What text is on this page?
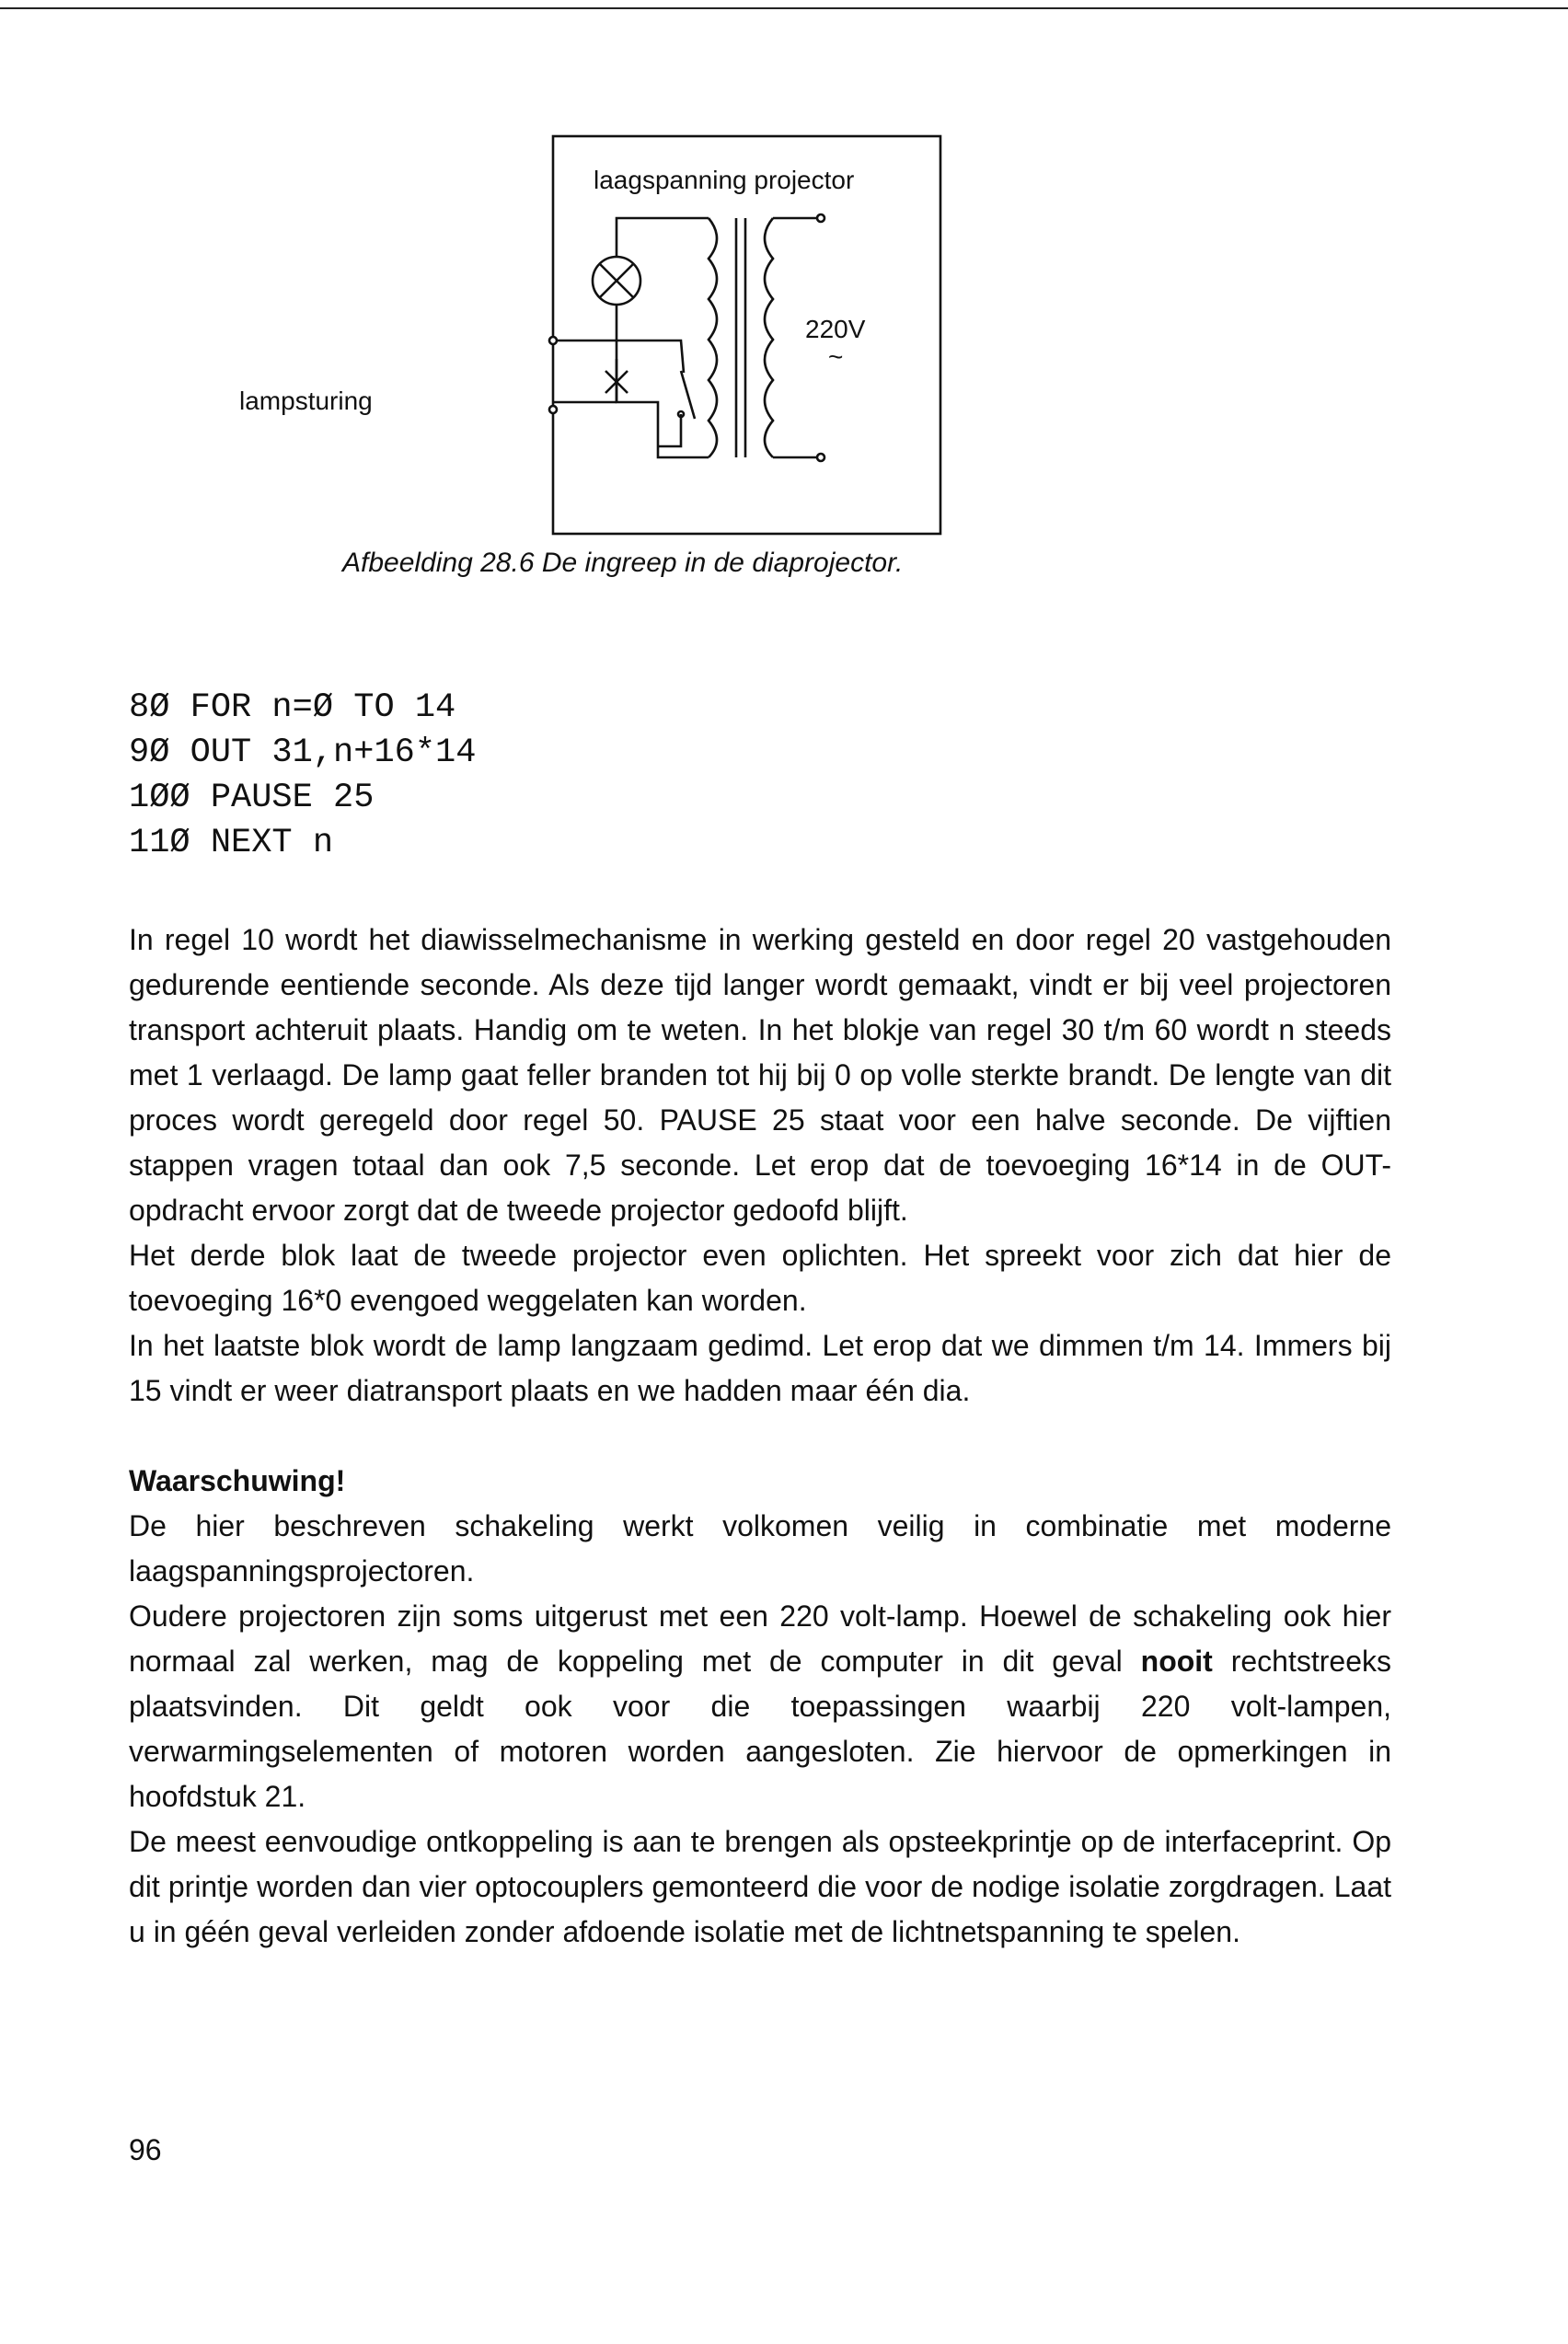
laagspanning projector
lampsturing
220V
~
Afbeelding 28.6 De ingreep in de diaprojector.
8Ø FOR n=Ø TO 14
9Ø OUT 31,n+16*14
1ØØ PAUSE 25
11Ø NEXT n

In regel 10 wordt het diawisselmechanisme in werking gesteld en door regel 20 vastgehouden gedurende eentiende seconde. Als deze tijd langer wordt gemaakt, vindt er bij veel projectoren transport achteruit plaats. Handig om te weten. In het blokje van regel 30 t/m 60 wordt n steeds met 1 verlaagd. De lamp gaat feller branden tot hij bij 0 op volle sterkte brandt. De lengte van dit proces wordt geregeld door regel 50. PAUSE 25 staat voor een halve seconde. De vijftien stappen vragen totaal dan ook 7,5 seconde. Let erop dat de toevoeging 16*14 in de OUT-opdracht ervoor zorgt dat de tweede projector gedoofd blijft.

Het derde blok laat de tweede projector even oplichten. Het spreekt voor zich dat hier de toevoeging 16*0 evengoed weggelaten kan worden.

In het laatste blok wordt de lamp langzaam gedimd. Let erop dat we dimmen t/m 14. Immers bij 15 vindt er weer diatransport plaats en we hadden maar één dia.

Waarschuwing!

De hier beschreven schakeling werkt volkomen veilig in combinatie met moderne laagspanningsprojectoren.

Oudere projectoren zijn soms uitgerust met een 220 volt-lamp. Hoewel de schakeling ook hier normaal zal werken, mag de koppeling met de computer in dit geval nooit rechtstreeks plaatsvinden. Dit geldt ook voor die toepassingen waarbij 220 volt-lampen, verwarmingselementen of motoren worden aangesloten. Zie hiervoor de opmerkingen in hoofdstuk 21.

De meest eenvoudige ontkoppeling is aan te brengen als opsteekprintje op de interfaceprint. Op dit printje worden dan vier optocouplers gemonteerd die voor de nodige isolatie zorgdragen. Laat u in géén geval verleiden zonder afdoende isolatie met de lichtnetspanning te spelen.

96
